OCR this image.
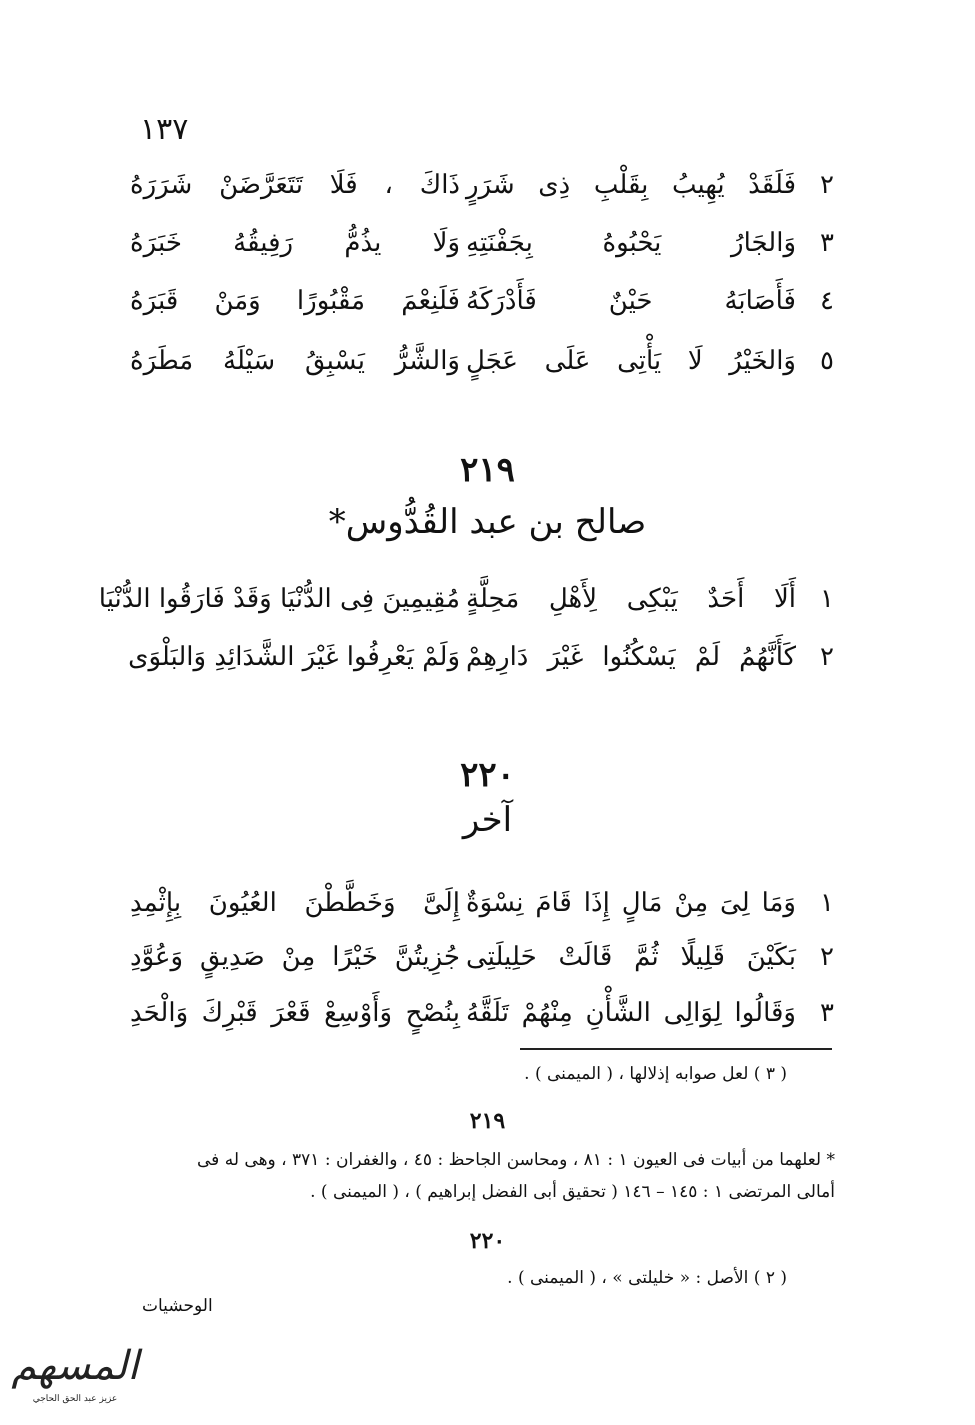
١٣٧
٢
فَلَقَدْ يُهِيبُ بِقَلْبِ ذِى شَرَرٍ
ذَاكَ ، فَلَا تَتَعَرَّضَنْ شَرَرَهُ
٣
وَالجَارُ يَحْبُوهُ بِجَفْنَتِهِ
وَلَا يذُمُّ رَفِيقُهُ خَبَرَهُ
٤
فَأَصَابَهُ حَيْنٌ فَأَدْرَكَهُ
فَلَنِعْمَ مَقْبُورًا وَمَنْ قَبَرَهُ
٥
وَالخَيْرُ لَا يَأْتِى عَلَى عَجَلٍ
وَالشَّرُّ يَسْبِقُ سَيْلَهُ مَطَرَهُ
٢١٩
صالح بن عبد القُدُّوس*
١
أَلَا أَحَدٌ يَبْكِى لِأَهْلِ مَحِلَّةٍ
مُقِيمِينَ فِى الدُّنْيَا وَقَدْ فَارَقُوا الدُّنْيَا
٢
كَأَنَّهُمُ لَمْ يَسْكُنُوا غَيْرَ دَارِهِمْ
وَلَمْ يَعْرِفُوا غَيْرَ الشَّدَائِدِ وَالبَلْوَى
٢٢٠
آخر
١
وَمَا لِىَ مِنْ مَالٍ إِذَا قَامَ نِسْوَةٌ
إِلَىَّ وَخَطَّطْنَ العُيُونَ بِإِثْمِدِ
٢
بَكَيْنَ قَلِيلًا ثُمَّ قَالَتْ حَلِيلَتِى
جُزِيتُنَّ خَيْرًا مِنْ صَدِيقٍ وَعُوَّدِ
٣
وَقَالُوا لِوَالِى الشَّأْنِ مِنْهُمْ تَلَقَّهُ
بِنُصْحٍ وَأَوْسِعْ قَعْرَ قَبْرِكَ وَالْحَدِ
( ٣ ) لعل صوابه إذلالها ، ( الميمنى ) .
٢١٩
* لعلهما من أبيات فى العيون ١ : ٨١ ، ومحاسن الجاحظ : ٤٥ ، والغفران : ٣٧١ ، وهى له فى
أمالى المرتضى ١ : ١٤٥ – ١٤٦ ( تحقيق أبى الفضل إبراهيم ) ، ( الميمنى ) .
٢٢٠
( ٢ ) الأصل : « خليلتى » ، ( الميمنى ) .
الوحشيات
المسهم
عزيز عبد الحق الحاجي
